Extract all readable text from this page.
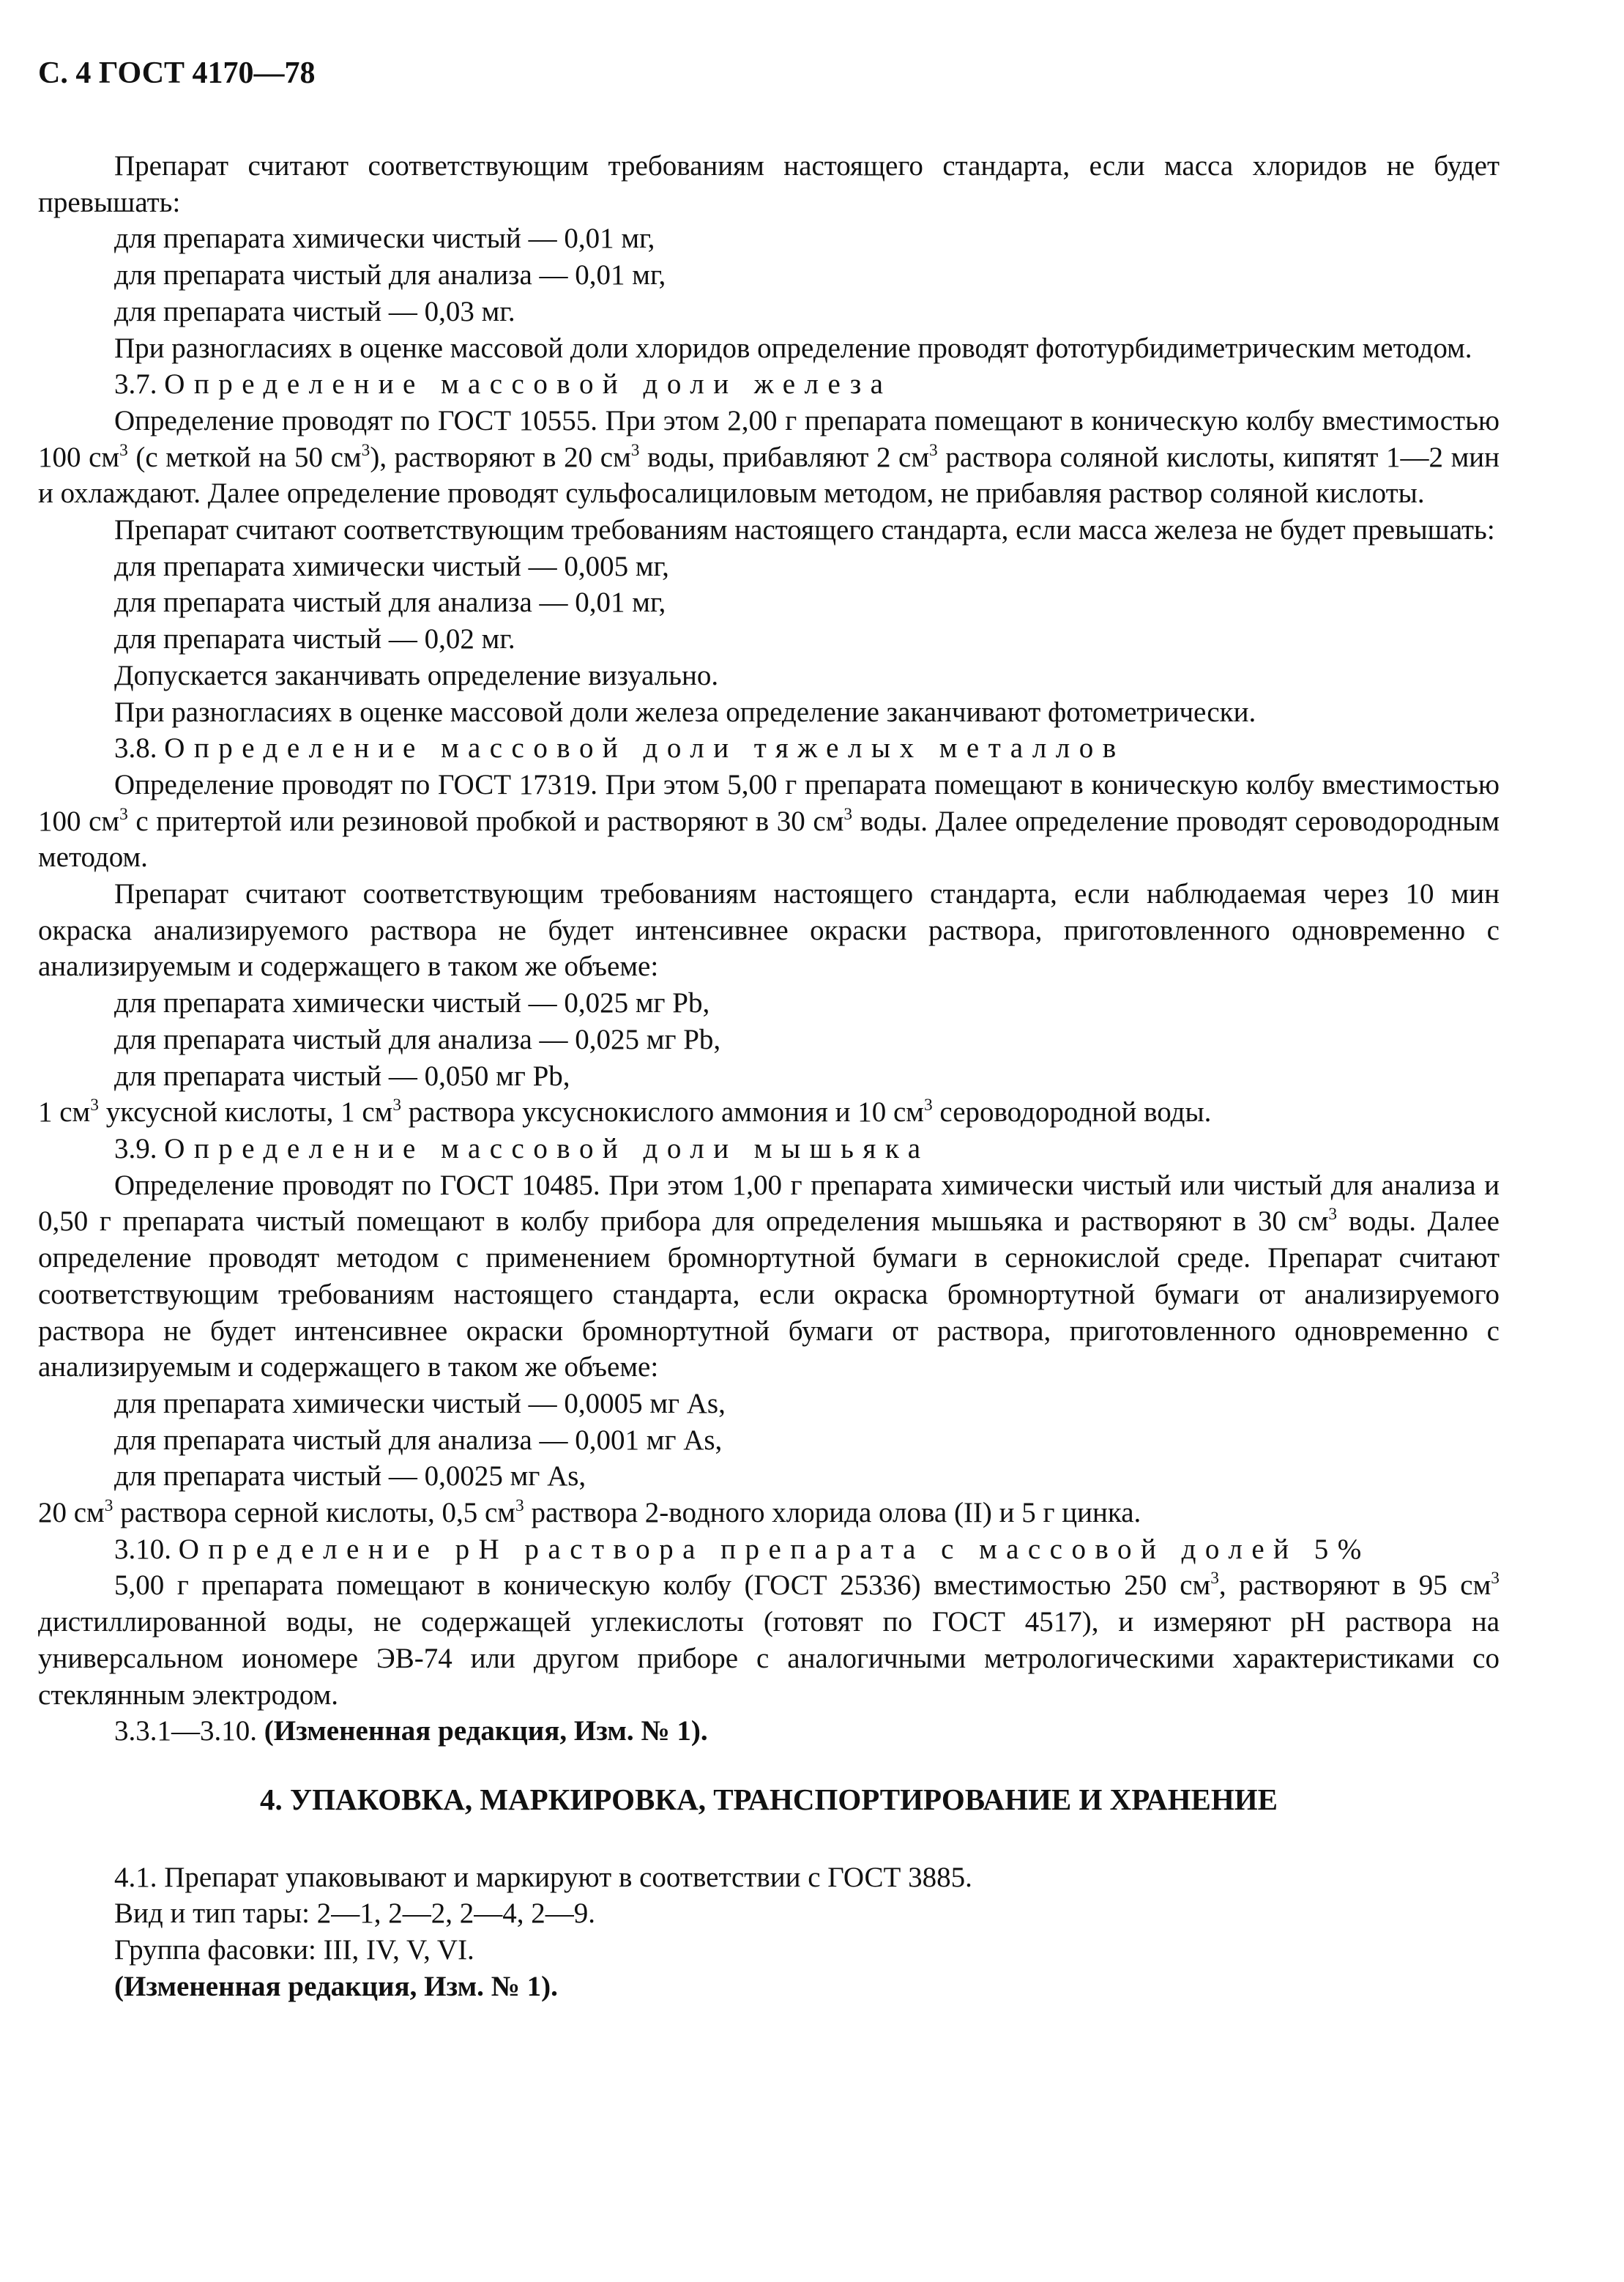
С. 4 ГОСТ 4170—78

Препарат считают соответствующим требованиям настоящего стандарта, если масса хлоридов не будет превышать:

для препарата химически чистый — 0,01 мг,

для препарата чистый для анализа — 0,01 мг,

для препарата чистый — 0,03 мг.

При разногласиях в оценке массовой доли хлоридов определение проводят фототурбидиметрическим методом.

3.7. Определение массовой доли железа

Определение проводят по ГОСТ 10555. При этом 2,00 г препарата помещают в коническую колбу вместимостью 100 $см^3$ (с меткой на 50 $см^3$), растворяют в 20 $см^3$ воды, прибавляют 2 $см^3$ раствора соляной кислоты, кипятят 1—2 мин и охлаждают. Далее определение проводят сульфосалициловым методом, не прибавляя раствор соляной кислоты.

Препарат считают соответствующим требованиям настоящего стандарта, если масса железа не будет превышать:

для препарата химически чистый — 0,005 мг,

для препарата чистый для анализа — 0,01 мг,

для препарата чистый — 0,02 мг.

Допускается заканчивать определение визуально.

При разногласиях в оценке массовой доли железа определение заканчивают фотометрически.

3.8. Определение массовой доли тяжелых металлов

Определение проводят по ГОСТ 17319. При этом 5,00 г препарата помещают в коническую колбу вместимостью 100 $см^3$ с притертой или резиновой пробкой и растворяют в 30 $см^3$ воды. Далее определение проводят сероводородным методом.

Препарат считают соответствующим требованиям настоящего стандарта, если наблюдаемая через 10 мин окраска анализируемого раствора не будет интенсивнее окраски раствора, приготовленного одновременно с анализируемым и содержащего в таком же объеме:

для препарата химически чистый — 0,025 мг Pb,

для препарата чистый для анализа — 0,025 мг Pb,

для препарата чистый — 0,050 мг Pb,

1 $см^3$ уксусной кислоты, 1 $см^3$ раствора уксуснокислого аммония и 10 $см^3$ сероводородной воды.

3.9. Определение массовой доли мышьяка

Определение проводят по ГОСТ 10485. При этом 1,00 г препарата химически чистый или чистый для анализа и 0,50 г препарата чистый помещают в колбу прибора для определения мышьяка и растворяют в 30 $см^3$ воды. Далее определение проводят методом с применением бромнортутной бумаги в сернокислой среде. Препарат считают соответствующим требованиям настоящего стандарта, если окраска бромнортутной бумаги от анализируемого раствора не будет интенсивнее окраски бромнортутной бумаги от раствора, приготовленного одновременно с анализируемым и содержащего в таком же объеме:

для препарата химически чистый — 0,0005 мг As,

для препарата чистый для анализа — 0,001 мг As,

для препарата чистый — 0,0025 мг As,

20 $см^3$ раствора серной кислоты, 0,5 $см^3$ раствора 2-водного хлорида олова (II) и 5 г цинка.

3.10. Определение pH раствора препарата с массовой долей 5%

5,00 г препарата помещают в коническую колбу (ГОСТ 25336) вместимостью 250 $см^3$, растворяют в 95 $см^3$ дистиллированной воды, не содержащей углекислоты (готовят по ГОСТ 4517), и измеряют pH раствора на универсальном иономере ЭВ-74 или другом приборе с аналогичными метрологическими характеристиками со стеклянным электродом.

3.3.1—3.10. (Измененная редакция, Изм. № 1).

4. УПАКОВКА, МАРКИРОВКА, ТРАНСПОРТИРОВАНИЕ И ХРАНЕНИЕ

4.1. Препарат упаковывают и маркируют в соответствии с ГОСТ 3885.

Вид и тип тары: 2—1, 2—2, 2—4, 2—9.

Группа фасовки: III, IV, V, VI.

(Измененная редакция, Изм. № 1).
